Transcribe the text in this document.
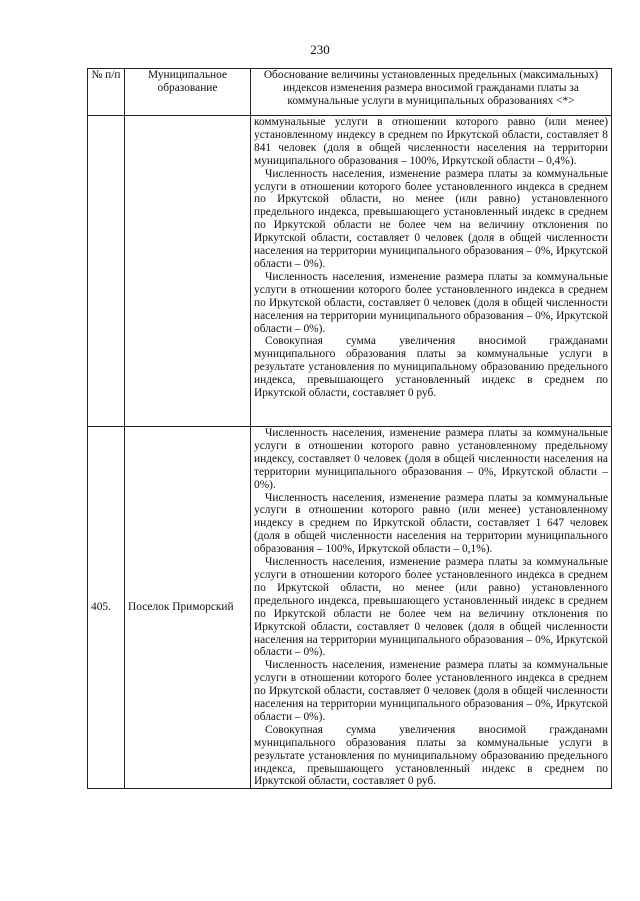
230
№ п/п	Муниципальное образование	Обоснование величины установленных предельных (максимальных) индексов изменения размера вносимой гражданами платы за коммунальные услуги в муниципальных образованиях <*>

		коммунальные услуги в отношении которого равно (или менее) установленному индексу в среднем по Иркутской области, составляет 8 841 человек (доля в общей численности населения на территории муниципального образования – 100%, Иркутской области – 0,4%).

Численность населения, изменение размера платы за коммунальные услуги в отношении которого более установленного индекса в среднем по Иркутской области, но менее (или равно) установленного предельного индекса, превышающего установленный индекс в среднем по Иркутской области не более чем на величину отклонения по Иркутской области, составляет 0 человек (доля в общей численности населения на территории муниципального образования – 0%, Иркутской области – 0%).

Численность населения, изменение размера платы за коммунальные услуги в отношении которого более установленного индекса в среднем по Иркутской области, составляет 0 человек (доля в общей численности населения на территории муниципального образования – 0%, Иркутской области – 0%).

Совокупная сумма увеличения вносимой гражданами муниципального образования платы за коммунальные услуги в результате установления по муниципальному образованию предельного индекса, превышающего установленный индекс в среднем по Иркутской области, составляет 0 руб.

405.	Поселок Приморский	Численность населения, изменение размера платы за коммунальные услуги в отношении которого равно установленному предельному индексу, составляет 0 человек (доля в общей численности населения на территории муниципального образования – 0%, Иркутской области – 0%).

Численность населения, изменение размера платы за коммунальные услуги в отношении которого равно (или менее) установленному индексу в среднем по Иркутской области, составляет 1 647 человек (доля в общей численности населения на территории муниципального образования – 100%, Иркутской области – 0,1%).

Численность населения, изменение размера платы за коммунальные услуги в отношении которого более установленного индекса в среднем по Иркутской области, но менее (или равно) установленного предельного индекса, превышающего установленный индекс в среднем по Иркутской области не более чем на величину отклонения по Иркутской области, составляет 0 человек (доля в общей численности населения на территории муниципального образования – 0%, Иркутской области – 0%).

Численность населения, изменение размера платы за коммунальные услуги в отношении которого более установленного индекса в среднем по Иркутской области, составляет 0 человек (доля в общей численности населения на территории муниципального образования – 0%, Иркутской области – 0%).

Совокупная сумма увеличения вносимой гражданами муниципального образования платы за коммунальные услуги в результате установления по муниципальному образованию предельного индекса, превышающего установленный индекс в среднем по Иркутской области, составляет 0 руб.
